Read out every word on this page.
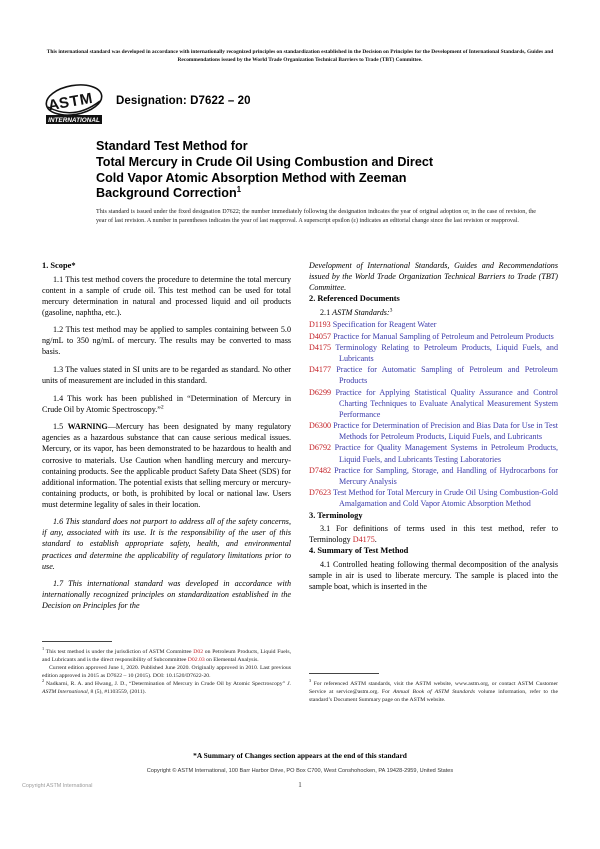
This international standard was developed in accordance with internationally recognized principles on standardization established in the Decision on Principles for the Development of International Standards, Guides and Recommendations issued by the World Trade Organization Technical Barriers to Trade (TBT) Committee.
A
S
T
M
INTERNATIONAL
Designation: D7622 – 20
Standard Test Method for
Total Mercury in Crude Oil Using Combustion and Direct
Cold Vapor Atomic Absorption Method with Zeeman
Background Correction$^1$
This standard is issued under the fixed designation D7622; the number immediately following the designation indicates the year of original adoption or, in the case of revision, the year of last revision. A number in parentheses indicates the year of last reapproval. A superscript epsilon (ε) indicates an editorial change since the last revision or reapproval.
1. Scope*

1.1 This test method covers the procedure to determine the total mercury content in a sample of crude oil. This test method can be used for total mercury determination in natural and processed liquid and oil products (gasoline, naphtha, etc.).

1.2 This test method may be applied to samples containing between 5.0 ng/mL to 350 ng/mL of mercury. The results may be converted to mass basis.

1.3 The values stated in SI units are to be regarded as standard. No other units of measurement are included in this standard.

1.4 This work has been published in “Determination of Mercury in Crude Oil by Atomic Spectroscopy.”$^2$

1.5 WARNING—Mercury has been designated by many regulatory agencies as a hazardous substance that can cause serious medical issues. Mercury, or its vapor, has been demonstrated to be hazardous to health and corrosive to materials. Use Caution when handling mercury and mercury-containing products. See the applicable product Safety Data Sheet (SDS) for additional information. The potential exists that selling mercury or mercury-containing products, or both, is prohibited by local or national law. Users must determine legality of sales in their location.

1.6 This standard does not purport to address all of the safety concerns, if any, associated with its use. It is the responsibility of the user of this standard to establish appropriate safety, health, and environmental practices and determine the applicability of regulatory limitations prior to use.

1.7 This international standard was developed in accordance with internationally recognized principles on standardization established in the Decision on Principles for the

Development of International Standards, Guides and Recommendations issued by the World Trade Organization Technical Barriers to Trade (TBT) Committee.

2. Referenced Documents

2.1 ASTM Standards:$^3$

D1193 Specification for Reagent Water
D4057 Practice for Manual Sampling of Petroleum and Petroleum Products
D4175 Terminology Relating to Petroleum Products, Liquid Fuels, and Lubricants
D4177 Practice for Automatic Sampling of Petroleum and Petroleum Products
D6299 Practice for Applying Statistical Quality Assurance and Control Charting Techniques to Evaluate Analytical Measurement System Performance
D6300 Practice for Determination of Precision and Bias Data for Use in Test Methods for Petroleum Products, Liquid Fuels, and Lubricants
D6792 Practice for Quality Management Systems in Petroleum Products, Liquid Fuels, and Lubricants Testing Laboratories
D7482 Practice for Sampling, Storage, and Handling of Hydrocarbons for Mercury Analysis
D7623 Test Method for Total Mercury in Crude Oil Using Combustion-Gold Amalgamation and Cold Vapor Atomic Absorption Method
3. Terminology

3.1 For definitions of terms used in this test method, refer to Terminology D4175.

4. Summary of Test Method

4.1 Controlled heating following thermal decomposition of the analysis sample in air is used to liberate mercury. The sample is placed into the sample boat, which is inserted in the

$^1$ This test method is under the jurisdiction of ASTM Committee D02 on Petroleum Products, Liquid Fuels, and Lubricants and is the direct responsibility of Subcommittee D02.03 on Elemental Analysis.

Current edition approved June 1, 2020. Published June 2020. Originally approved in 2010. Last previous edition approved in 2015 as D7622 – 10 (2015). DOI: 10.1520/D7622-20.

$^2$ Nadkarni, R. A. and Hwang, J. D., “Determination of Mercury in Crude Oil by Atomic Spectroscopy” J. ASTM International, 8 (5), #1103559, (2011).

$^3$ For referenced ASTM standards, visit the ASTM website, www.astm.org, or contact ASTM Customer Service at service@astm.org. For Annual Book of ASTM Standards volume information, refer to the standard’s Document Summary page on the ASTM website.

*A Summary of Changes section appears at the end of this standard
Copyright © ASTM International, 100 Barr Harbor Drive, PO Box C700, West Conshohocken, PA 19428-2959, United States
Copyright ASTM International	1
